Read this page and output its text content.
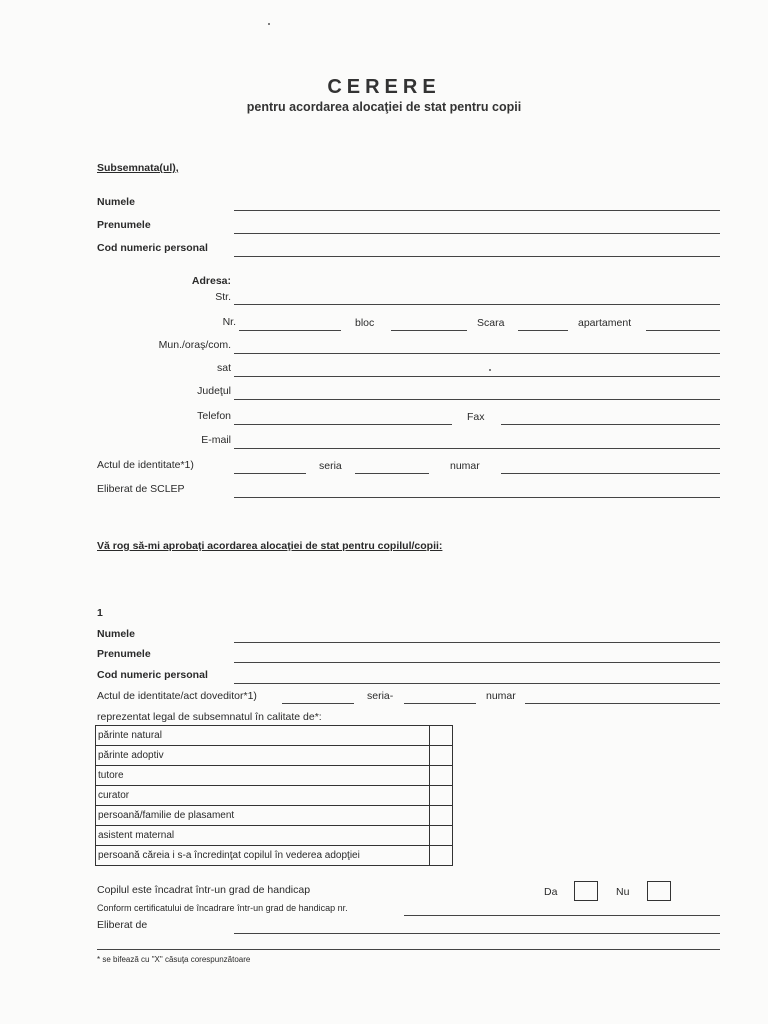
CERERE
pentru acordarea alocaţiei de stat pentru copii
Subsemnata(ul),
Numele
Prenumele
Cod numeric personal
Adresa:
Str.
Nr.	bloc	Scara	apartament
Mun./oraş/com.
sat
Judeţul
Telefon	Fax
E-mail
Actul de identitate*1)	seria	numar
Eliberat de SCLEP
Vă rog să-mi aprobaţi acordarea alocaţiei de stat pentru copilul/copii:
1
Numele
Prenumele
Cod numeric personal
Actul de identitate/act doveditor*1)	seria-	numar
reprezentat legal de subsemnatul în calitate de*:
părinte natural	
părinte adoptiv	
tutore	
curator	
persoană/familie de plasament	
asistent maternal	
persoană căreia i s-a încredinţat copilul în vederea adopţiei	
Copilul este încadrat într-un grad de handicap	Da	Nu
Conform certificatului de încadrare într-un grad de handicap nr.
Eliberat de
* se bifează cu "X" căsuţa corespunzătoare
